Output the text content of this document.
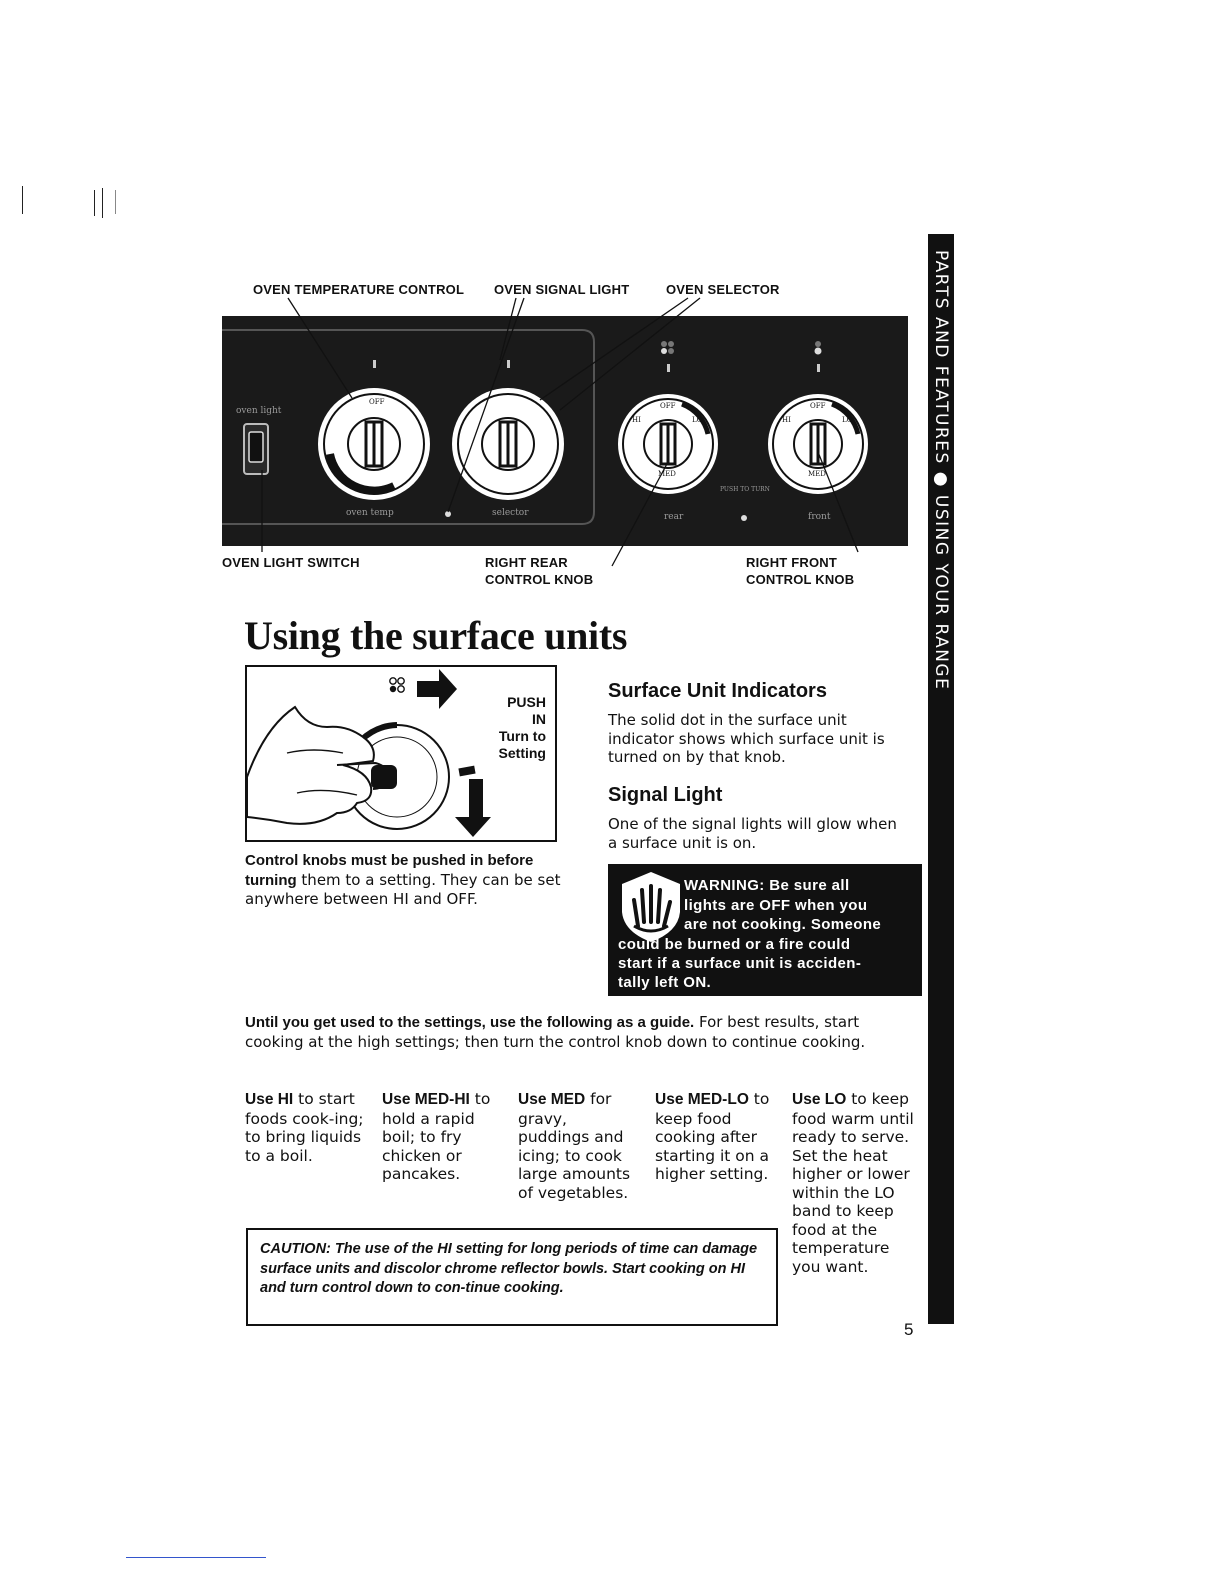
PARTS AND FEATURES ● USING YOUR RANGE
OVEN TEMPERATURE CONTROL OVEN SIGNAL LIGHT	OVEN SELECTOR
oven light
oven temp	selector	rear	front
PUSH TO TURN
OFF	OFF	OFF
HI	LO	HI	LO
MED	MED
OVEN LIGHT SWITCH	RIGHT REAR
CONTROL KNOB
RIGHT FRONT
CONTROL KNOB
Using the surface units
PUSH IN
Turn to
Setting
Control knobs must be pushed in before turning them to a setting. They can be set anywhere between HI and OFF.
Surface Unit Indicators
The solid dot in the surface unit indicator shows which surface unit is turned on by that knob.
Signal Light
One of the signal lights will glow when a surface unit is on.
WARNING: Be sure all
lights are OFF when you
are not cooking. Someone
could be burned or a fire could
start if a surface unit is acciden-
tally left ON.
Until you get used to the settings, use the following as a guide. For best results, start cooking at the high settings; then turn the control knob down to continue cooking.
Use HI to start foods cook-ing; to bring liquids to a boil.
Use MED-HI to hold a rapid boil; to fry chicken or pancakes.
Use MED for gravy, puddings and icing; to cook large amounts of vegetables.
Use MED-LO to keep food cooking after starting it on a higher setting.
Use LO to keep food warm until ready to serve. Set the heat higher or lower within the LO band to keep food at the temperature you want.
CAUTION: The use of the HI setting for long periods of time can damage surface units and discolor chrome reflector bowls. Start cooking on HI and turn control down to con-tinue cooking.
5
